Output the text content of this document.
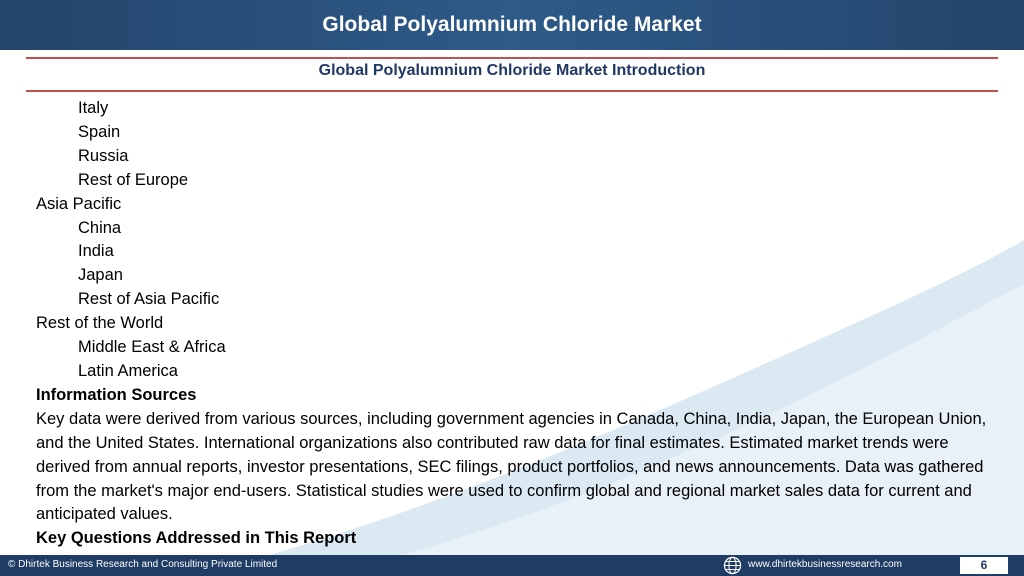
Global Polyalumnium Chloride Market
Global Polyalumnium Chloride Market Introduction
Italy
Spain
Russia
Rest of Europe
Asia Pacific
China
India
Japan
Rest of Asia Pacific
Rest of the World
Middle East & Africa
Latin America
Information Sources
Key data were derived from various sources, including government agencies in Canada, China, India, Japan, the European Union, and the United States. International organizations also contributed raw data for final estimates. Estimated market trends were derived from annual reports, investor presentations, SEC filings, product portfolios, and news announcements. Data was gathered from the market's major end-users. Statistical studies were used to confirm global and regional market sales data for current and anticipated values.
Key Questions Addressed in This Report
© Dhirtek Business Research and Consulting Private Limited	www.dhirtekbusinessresearch.com	6
